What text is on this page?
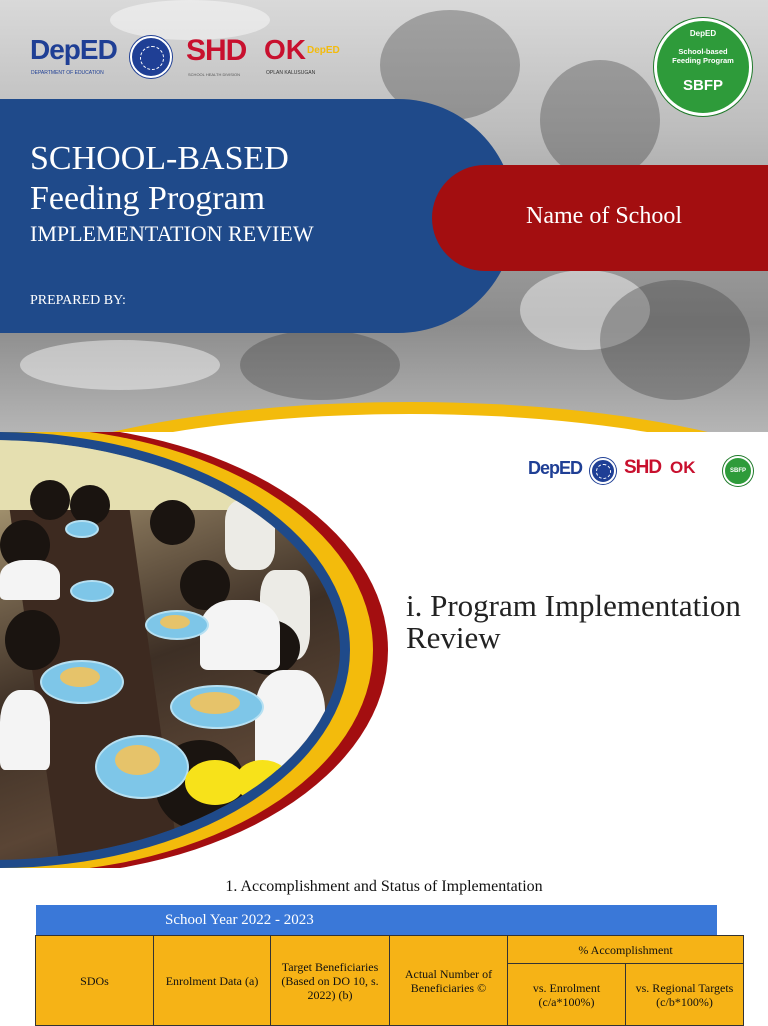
DepED
DEPARTMENT OF EDUCATION
SHD
SCHOOL HEALTH DIVISION
OK DepED
OPLAN KALUSUGAN
DepED
School-based Feeding Program
SBFP
SCHOOL-BASED
Feeding Program
IMPLEMENTATION REVIEW
PREPARED BY:
Name of School
DepED SHD OK	SBFP
i. Program Implementation Review
1. Accomplishment and Status of Implementation
School Year 2022 - 2023
SDOs	Enrolment Data (a)	Target Beneficiaries (Based on DO 10, s. 2022) (b)	Actual Number of Beneficiaries ©	% Accomplishment	
				vs. Enrolment (c/a*100%)	vs. Regional Targets (c/b*100%)
